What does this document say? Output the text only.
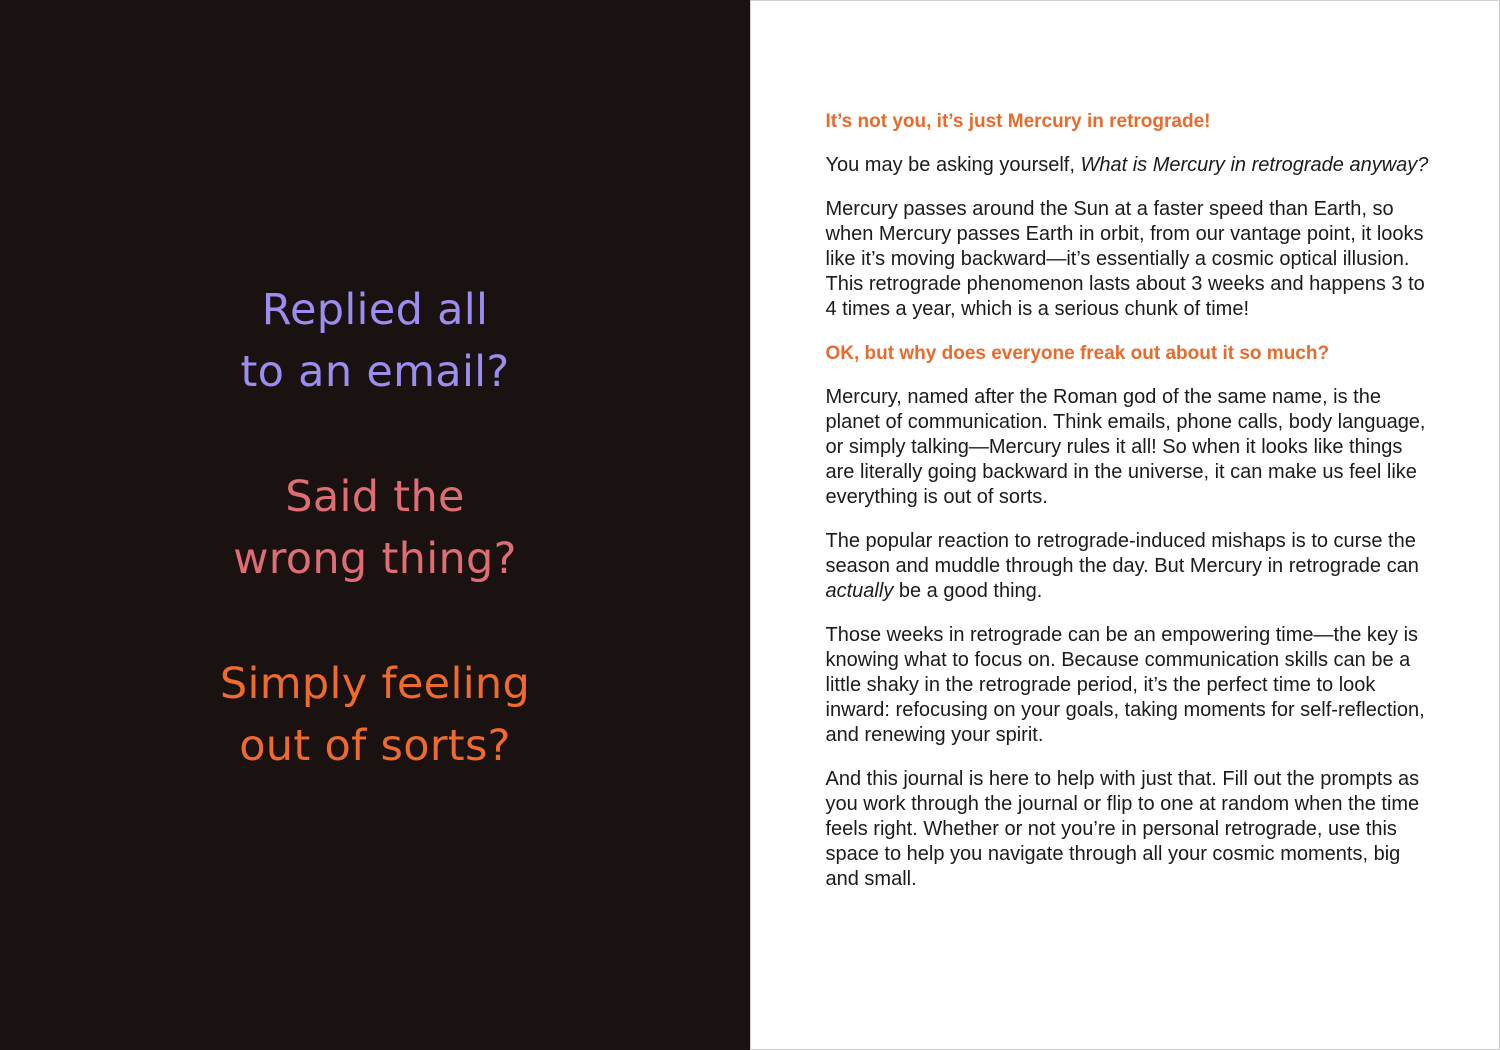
Replied all
to an email?
Said the
wrong thing?
Simply feeling
out of sorts?

It’s not you, it’s just Mercury in retrograde!

You may be asking yourself, What is Mercury in retrograde anyway?

Mercury passes around the Sun at a faster speed than Earth, so when Mercury passes Earth in orbit, from our vantage point, it looks like it’s moving backward—it’s essentially a cosmic optical illusion. This retrograde phenomenon lasts about 3 weeks and happens 3 to 4 times a year, which is a serious chunk of time!

OK, but why does everyone freak out about it so much?

Mercury, named after the Roman god of the same name, is the planet of communication. Think emails, phone calls, body language, or simply talking—Mercury rules it all! So when it looks like things are literally going backward in the universe, it can make us feel like everything is out of sorts.

The popular reaction to retrograde-induced mishaps is to curse the season and muddle through the day. But Mercury in retrograde can actually be a good thing.

Those weeks in retrograde can be an empowering time—the key is knowing what to focus on. Because communication skills can be a little shaky in the retrograde period, it’s the perfect time to look inward: refocusing on your goals, taking moments for self-reflection, and renewing your spirit.

And this journal is here to help with just that. Fill out the prompts as you work through the journal or flip to one at random when the time feels right. Whether or not you’re in personal retrograde, use this space to help you navigate through all your cosmic moments, big and small.
